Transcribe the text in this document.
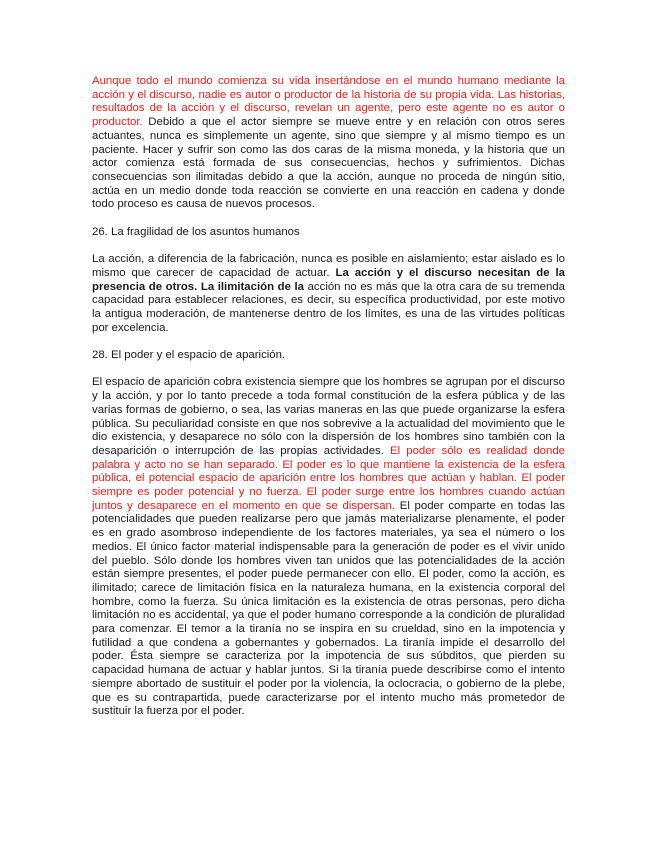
Aunque todo el mundo comienza su vida insertándose en el mundo humano mediante la acción y el discurso, nadie es autor o productor de la historia de su propia vida. Las historias, resultados de la acción y el discurso, revelan un agente, pero este agente no es autor o productor. Debido a que el actor siempre se mueve entre y en relación con otros seres actuantes, nunca es simplemente un agente, sino que siempre y al mismo tiempo es un paciente. Hacer y sufrir son como las dos caras de la misma moneda, y la historia que un actor comienza está formada de sus consecuencias, hechos y sufrimientos. Dichas consecuencias son ilimitadas debido a que la acción, aunque no proceda de ningún sitio, actúa en un medio donde toda reacción se convierte en una reacción en cadena y donde todo proceso es causa de nuevos procesos.

26. La fragilidad de los asuntos humanos

La acción, a diferencia de la fabricación, nunca es posible en aislamiento; estar aislado es lo mismo que carecer de capacidad de actuar. La acción y el discurso necesitan de la presencia de otros. La ilimitación de la acción no es más que la otra cara de su tremenda capacidad para establecer relaciones, es decir, su específica productividad, por este motivo la antigua moderación, de mantenerse dentro de los límites, es una de las virtudes políticas por excelencia.

28. El poder y el espacio de aparición.

El espacio de aparición cobra existencia siempre que los hombres se agrupan por el discurso y la acción, y por lo tanto precede a toda formal constitución de la esfera pública y de las varias formas de gobierno, o sea, las varias maneras en las que puede organizarse la esfera pública. Su peculiaridad consiste en que nos sobrevive a la actualidad del movimiento que le dio existencia, y desaparece no sólo con la dispersión de los hombres sino también con la desaparición o interrupción de las propias actividades. El poder sólo es realidad donde palabra y acto no se han separado. El poder es lo que mantiene la existencia de la esfera pública, el potencial espacio de aparición entre los hombres que actúan y hablan. El poder siempre es poder potencial y no fuerza. El poder surge entre los hombres cuando actúan juntos y desaparece en el momento en que se dispersan. El poder comparte en todas las potencialidades que pueden realizarse pero que jamás materializarse plenamente, el poder es en grado asombroso independiente de los factores materiales, ya sea el número o los medios. El único factor material indispensable para la generación de poder es el vivir unido del pueblo. Sólo donde los hombres viven tan unidos que las potencialidades de la acción están siempre presentes, el poder puede permanecer con ello. El poder, como la acción, es ilimitado; carece de limitación física en la naturaleza humana, en la existencia corporal del hombre, como la fuerza. Su única limitación es la existencia de otras personas, pero dicha limitación no es accidental, ya que el poder humano corresponde a la condición de pluralidad para comenzar. El temor a la tiranía no se inspira en su crueldad, sino en la impotencia y futilidad a que condena a gobernantes y gobernados. La tiranía impide el desarrollo del poder. Ésta siempre se caracteriza por la impotencia de sus súbditos, que pierden su capacidad humana de actuar y hablar juntos. Si la tiranía puede describirse como el intento siempre abortado de sustituir el poder por la violencia, la oclocracia, o gobierno de la plebe, que es su contrapartida, puede caracterizarse por el intento mucho más prometedor de sustituir la fuerza por el poder.
